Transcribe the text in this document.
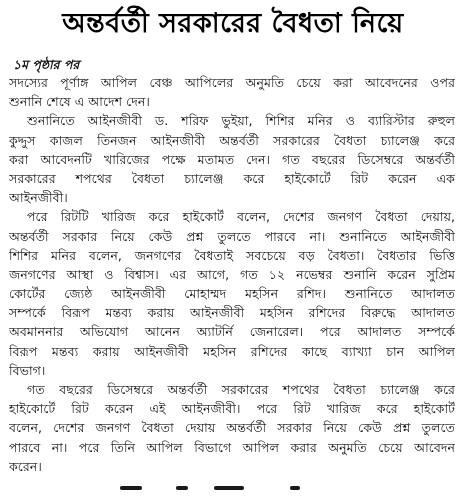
অন্তর্বর্তী সরকারের বৈধতা নিয়ে
১ম পৃষ্ঠার পর
সদস্যের পূর্ণাঙ্গ আপিল বেঞ্চ আপিলের অনুমতি চেয়ে করা আবেদনের ওপর
শুনানি শেষে এ আদেশ দেন।
শুনানিতে আইনজীবী ড. শরিফ ভুইয়া, শিশির মনির ও ব্যারিস্টার রুহুল
কুদ্দুস কাজল তিনজন আইনজীবী অন্তর্বর্তী সরকারের বৈধতা চ্যালেঞ্জ করে
করা আবেদনটি খারিজের পক্ষে মতামত দেন। গত বছরের ডিসেম্বরে অন্তর্বর্তী
সরকারের শপথের বৈধতা চ্যালেঞ্জ করে হাইকোর্টে রিট করেন এক
আইনজীবী।
পরে রিটটি খারিজ করে হাইকোর্ট বলেন, দেশের জনগণ বৈধতা দেয়ায়,
অন্তর্বর্তী সরকার নিয়ে কেউ প্রশ্ন তুলতে পারবে না। শুনানিতে আইনজীবী
শিশির মনির বলেন, জনগণের বৈধতাই সবচেয়ে বড় বৈধতা। বৈধতার ভিত্তি
জনগণের আস্থা ও বিশ্বাস। এর আগে, গত ১২ নভেম্বর শুনানি করেন সুপ্রিম
কোর্টের জ্যেষ্ঠ আইনজীবী মোহাম্মদ মহসিন রশিদ। শুনানিতে আদালত
সম্পর্কে বিরূপ মন্তব্য করায় আইনজীবী মহসিন রশিদের বিরুদ্ধে আদালত
অবমাননার অভিযোগ আনেন অ্যাটর্নি জেনারেল। পরে আদালত সম্পর্কে
বিরূপ মন্তব্য করায় আইনজীবী মহসিন রশিদের কাছে ব্যাখ্যা চান আপিল
বিভাগ।
গত বছরের ডিসেম্বরে অন্তর্বর্তী সরকারের শপথের বৈধতা চ্যালেঞ্জ করে
হাইকোর্টে রিট করেন এই আইনজীবী। পরে রিট খারিজ করে হাইকোর্ট
বলেন, দেশের জনগণ বৈধতা দেয়ায় অন্তর্বর্তী সরকার নিয়ে কেউ প্রশ্ন তুলতে
পারবে না। পরে তিনি আপিল বিভাগে আপিল করার অনুমতি চেয়ে আবেদন
করেন।
